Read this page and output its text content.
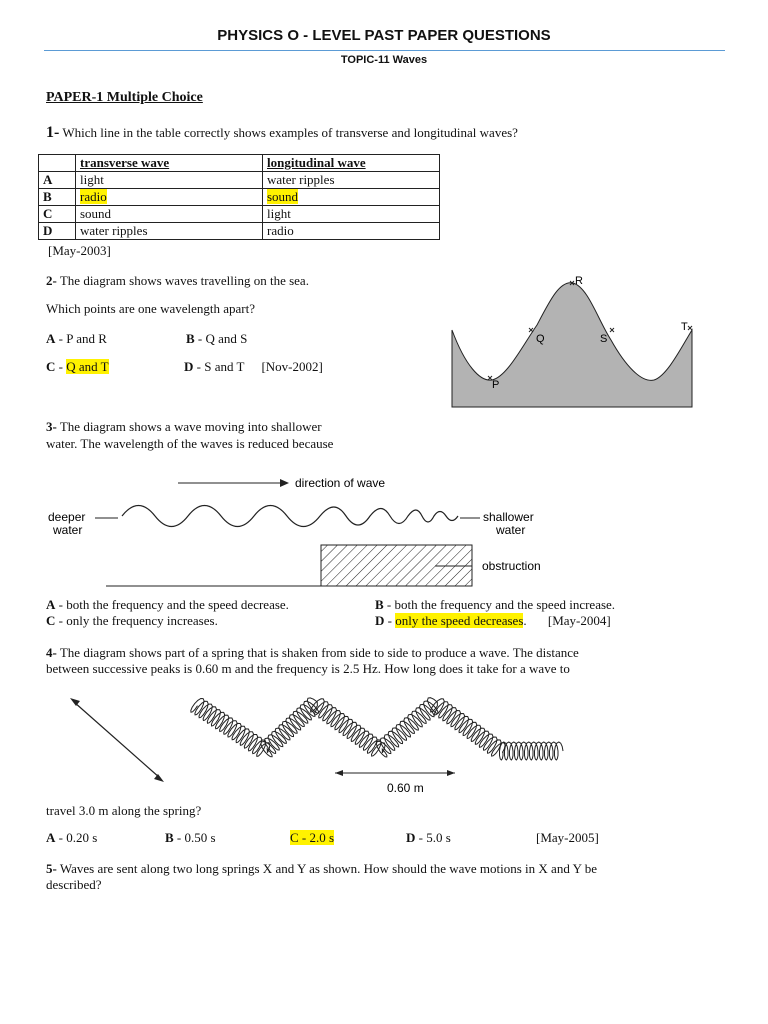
PHYSICS O - LEVEL PAST PAPER QUESTIONS
TOPIC-11 Waves
PAPER-1 Multiple Choice
1- Which line in the table correctly shows examples of transverse and longitudinal waves?
	transverse wave	longitudinal wave
A	light	water ripples
B	radio	sound
C	sound	light
D	water ripples	radio
[May-2003]
2- The diagram shows waves travelling on the sea.
Which points are one wavelength apart?
A - P and R	B - Q and S
C - Q and T	D - S and T [Nov-2002]
P
Q
R
S
T
3- The diagram shows a wave moving into shallower
water. The wavelength of the waves is reduced because
direction of wave
deeper
water
shallower
water
obstruction
A - both the frequency and the speed decrease.	B - both the frequency and the speed increase.
C - only the frequency increases.	D - only the speed decreases. [May-2004]
4- The diagram shows part of a spring that is shaken from side to side to produce a wave. The distance
between successive peaks is 0.60 m and the frequency is 2.5 Hz. How long does it take for a wave to
0.60 m
travel 3.0 m along the spring?
A - 0.20 s	B - 0.50 s	C - 2.0 s	D - 5.0 s	[May-2005]
5- Waves are sent along two long springs X and Y as shown. How should the wave motions in X and Y be
described?
